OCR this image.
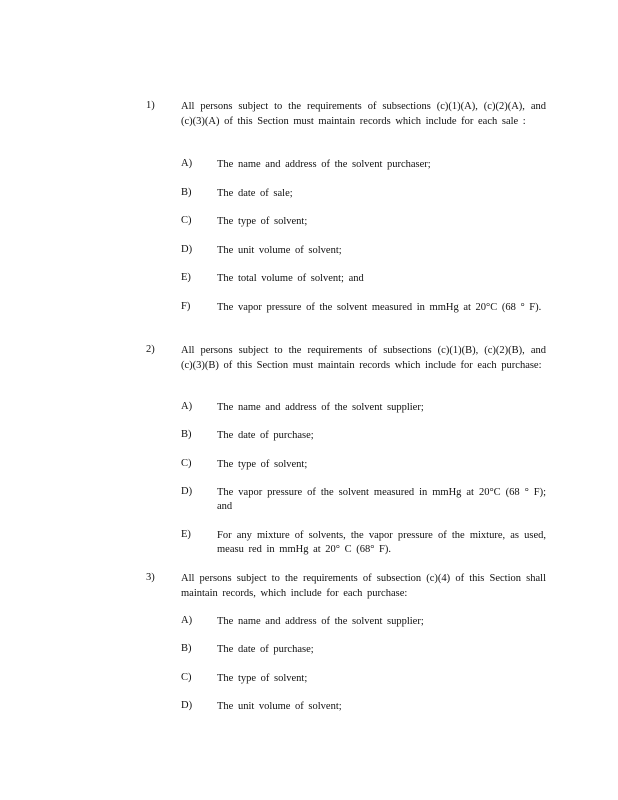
1)	All persons subject to the requirements of subsections (c)(1)(A), (c)(2)(A), and (c)(3)(A) of this Section must maintain records which include for each sale :
A) The name and address of the solvent purchaser;
B) The date of sale;
C) The type of solvent;
D) The unit volume of solvent;
E) The total volume of solvent; and
F)	The vapor pressure of the solvent measured in mmHg at 20°C (68 ° F).
2)	All persons subject to the requirements of subsections (c)(1)(B), (c)(2)(B), and (c)(3)(B) of this Section must maintain records which include for each purchase:
A) The name and address of the solvent supplier;
B) The date of purchase;
C) The type of solvent;
D) The vapor pressure of the solvent measured in mmHg at 20°C (68 ° F); and
E) For any mixture of solvents, the vapor pressure of the mixture, as used, measu red in mmHg at 20° C (68° F).
3)	All persons subject to the requirements of subsection (c)(4) of this Section shall maintain records, which include for each purchase:
A) The name and address of the solvent supplier;
B) The date of purchase;
C) The type of solvent;
D) The unit volume of solvent;
